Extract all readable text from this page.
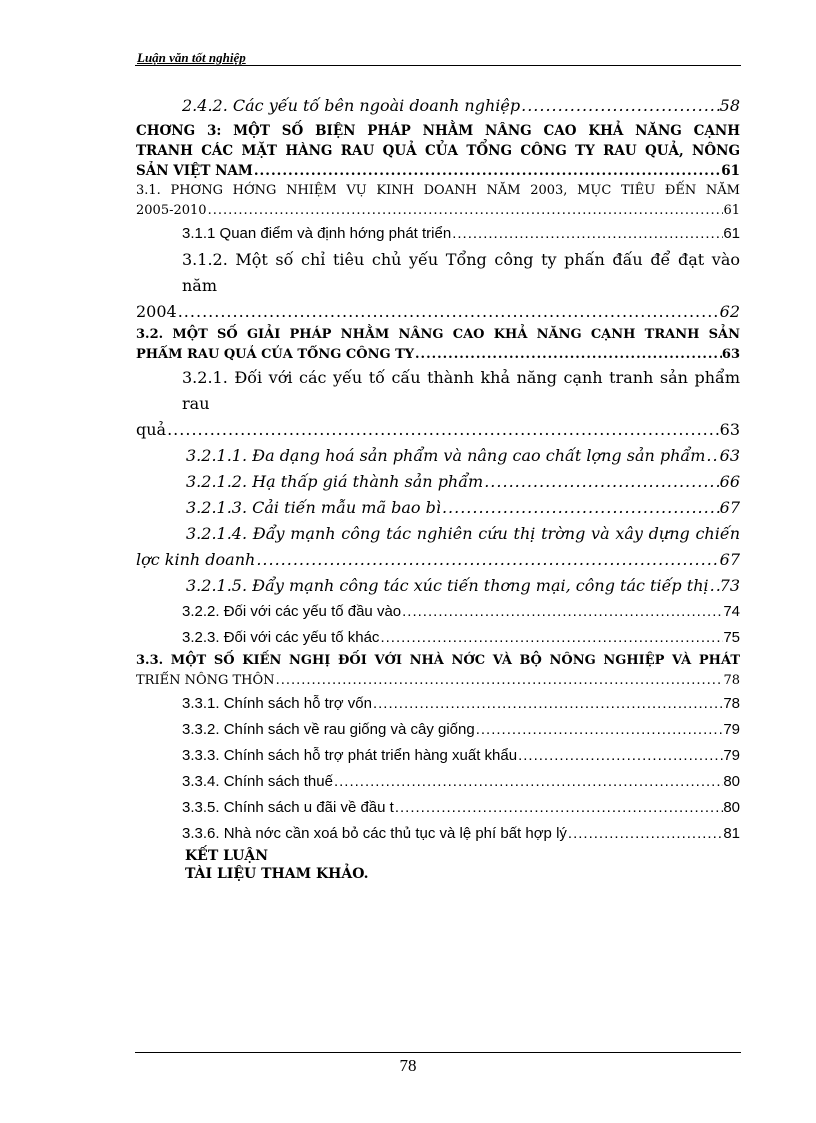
Luận văn tốt nghiệp
2.4.2. Các yếu tố bên ngoài doanh nghiệp .....	58
CHƠNG 3: MỘT SỐ BIỆN PHÁP NHẰM NÂNG CAO KHẢ NĂNG CẠNH
TRANH CÁC MẶT HÀNG RAU QUẢ CỦA TỔNG CÔNG TY RAU QUẢ, NÔNG
SẢN VIỆT NAM .....	61
3.1. PHƠNG HỚNG NHIỆM VỤ KINH DOANH NĂM 2003, MỤC TIÊU ĐẾN NĂM
2005-2010 .....	61
3.1.1 Quan điểm và định hớng phát triển .....	61
3.1.2. Một số chỉ tiêu chủ yếu Tổng công ty phấn đấu để đạt vào năm
2004 .....	62
3.2. MỘT SỐ GIẢI PHÁP NHẰM NÂNG CAO KHẢ NĂNG CẠNH TRANH SẢN
PHẨM RAU QUẢ CỦA TỔNG CÔNG TY .....	63
3.2.1. Đối với các yếu tố cấu thành khả năng cạnh tranh sản phẩm rau
quả .....	63
3.2.1.1. Đa dạng hoá sản phẩm và nâng cao chất lợng sản phẩm ..... 63
3.2.1.2. Hạ thấp giá thành sản phẩm .....	66
3.2.1.3. Cải tiến mẫu mã bao bì .....	67
3.2.1.4. Đẩy mạnh công tác nghiên cứu thị trờng và xây dựng chiến
lợc kinh doanh .....	67
3.2.1.5. Đẩy mạnh công tác xúc tiến thơng mại, công tác tiếp thị ..... 73
3.2.2. Đối với các yếu tố đầu vào .....	74
3.2.3. Đối với các yếu tố khác .....	75
3.3. MỘT SỐ KIẾN NGHỊ ĐỐI VỚI NHÀ NỚC VÀ BỘ NÔNG NGHIỆP VÀ PHÁT
TRIỂN NÔNG THÔN .....	78
3.3.1. Chính sách hỗ trợ vốn .....	78
3.3.2. Chính sách về rau giống và cây giống .....	79
3.3.3. Chính sách hỗ trợ phát triển hàng xuất khẩu .....	79
3.3.4. Chính sách thuế .....	80
3.3.5. Chính sách u đãi về đầu t .....	80
3.3.6. Nhà nớc cần xoá bỏ các thủ tục và lệ phí bất hợp lý .....	81
KẾT LUẬN
TÀI LIỆU THAM KHẢO.
78
